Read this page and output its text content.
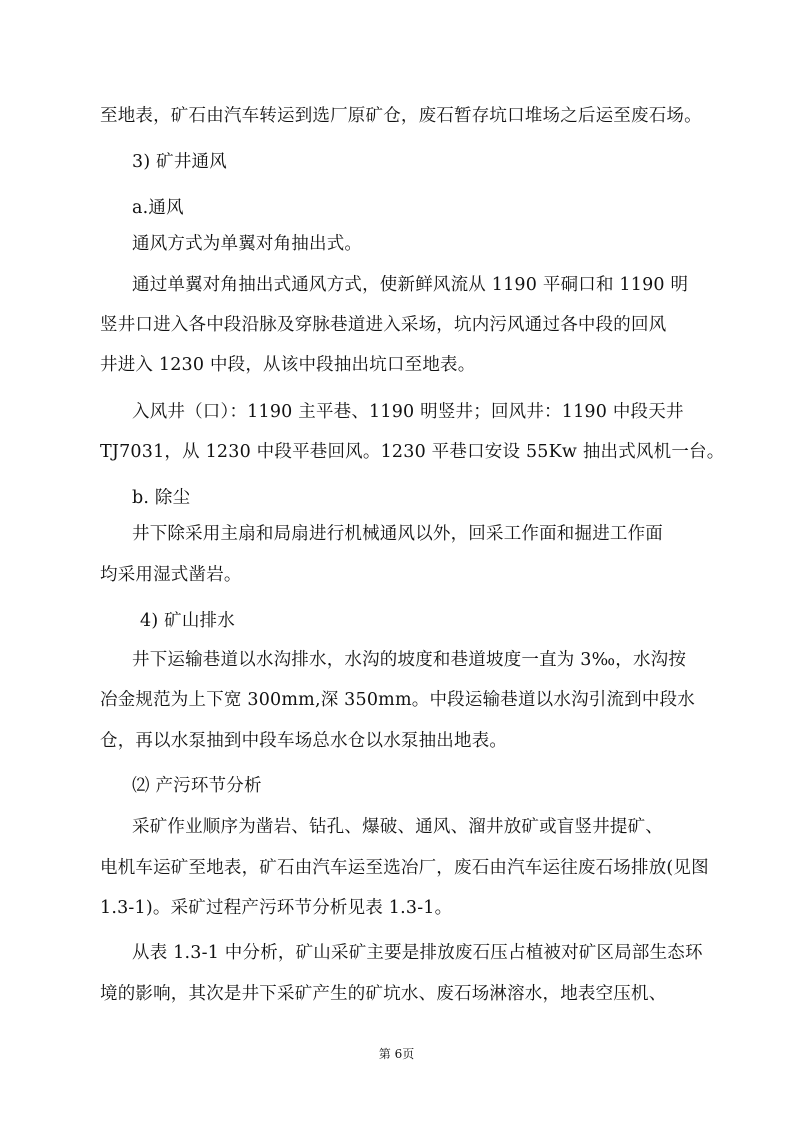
至地表，矿石由汽车转运到选厂原矿仓，废石暂存坑口堆场之后运至废石场。
3) 矿井通风
a.通风
通风方式为单翼对角抽出式。
通过单翼对角抽出式通风方式，使新鲜风流从 1190 平硐口和 1190 明
竖井口进入各中段沿脉及穿脉巷道进入采场，坑内污风通过各中段的回风
井进入 1230 中段，从该中段抽出坑口至地表。
入风井（口）：1190 主平巷、1190 明竖井；回风井：1190 中段天井
TJ7031，从 1230 中段平巷回风。1230 平巷口安设 55Kw 抽出式风机一台。
b. 除尘
井下除采用主扇和局扇进行机械通风以外，回采工作面和掘进工作面
均采用湿式凿岩。
4) 矿山排水
井下运输巷道以水沟排水，水沟的坡度和巷道坡度一直为 3‰，水沟按
冶金规范为上下宽 300mm,深 350mm。中段运输巷道以水沟引流到中段水
仓，再以水泵抽到中段车场总水仓以水泵抽出地表。
⑵ 产污环节分析
采矿作业顺序为凿岩、钻孔、爆破、通风、溜井放矿或盲竖井提矿、
电机车运矿至地表，矿石由汽车运至选冶厂，废石由汽车运往废石场排放(见图
1.3-1)。采矿过程产污环节分析见表 1.3-1。
从表 1.3-1 中分析，矿山采矿主要是排放废石压占植被对矿区局部生态环
境的影响，其次是井下采矿产生的矿坑水、废石场淋溶水，地表空压机、
第 6页
